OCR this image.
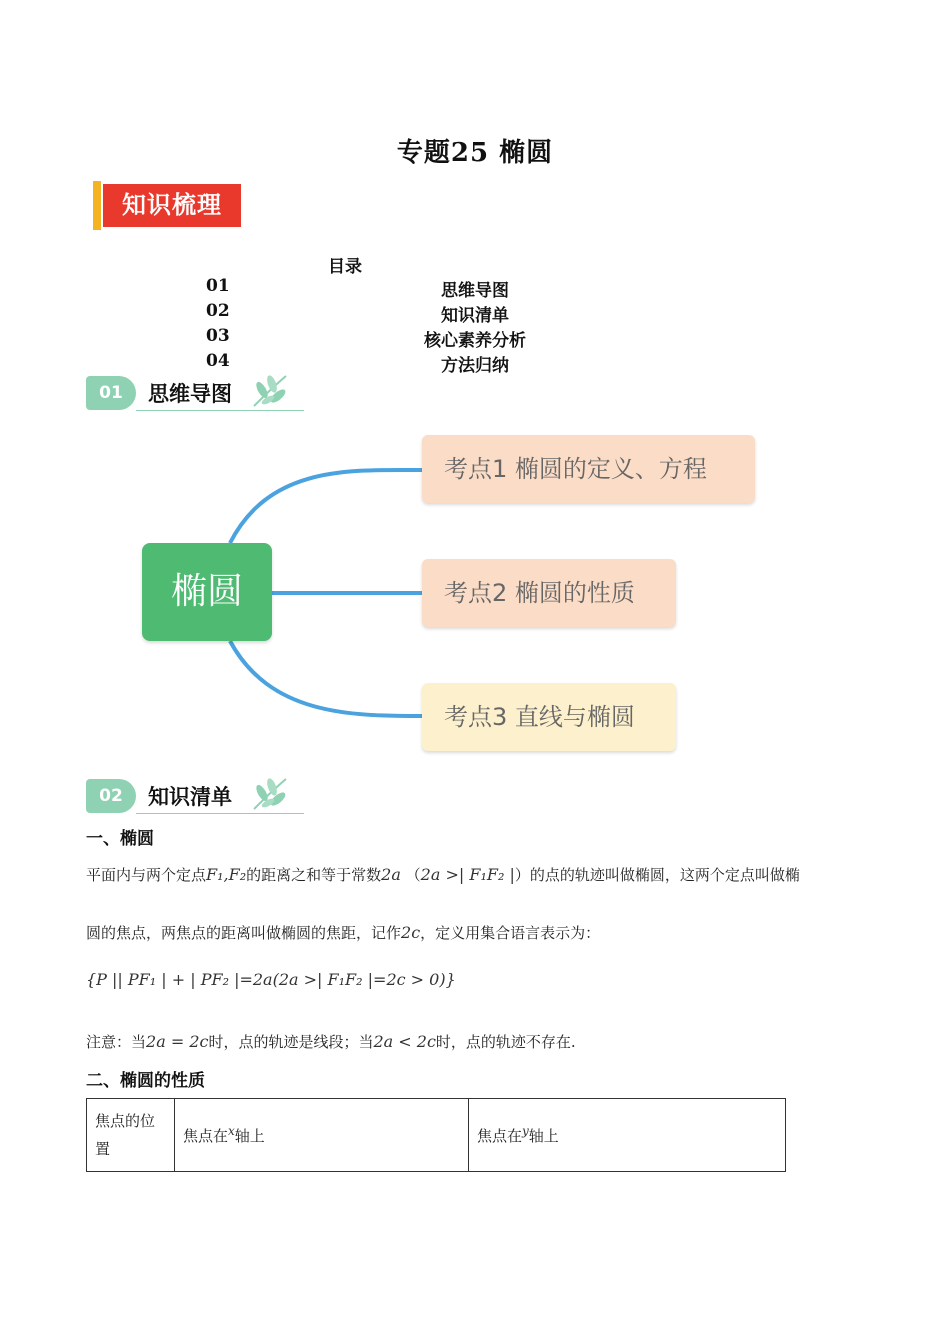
专题25 椭圆
知识梳理
目录
01	思维导图
02	知识清单
03	核心素养分析
04	方法归纳
01	思维导图
椭圆
考点1 椭圆的定义、方程
考点2 椭圆的性质
考点3 直线与椭圆
02	知识清单
一、椭圆
平面内与两个定点F₁,F₂的距离之和等于常数2a （2a >| F₁F₂ |）的点的轨迹叫做椭圆，这两个定点叫做椭
圆的焦点，两焦点的距离叫做椭圆的焦距，记作2c，定义用集合语言表示为：
{P || PF₁ | + | PF₂ |=2a(2a >| F₁F₂ |=2c > 0)}
注意：当2a = 2c时，点的轨迹是线段；当2a < 2c时，点的轨迹不存在.
二、椭圆的性质
焦点的位置	焦点在$^x$轴上	焦点在$^y$轴上
